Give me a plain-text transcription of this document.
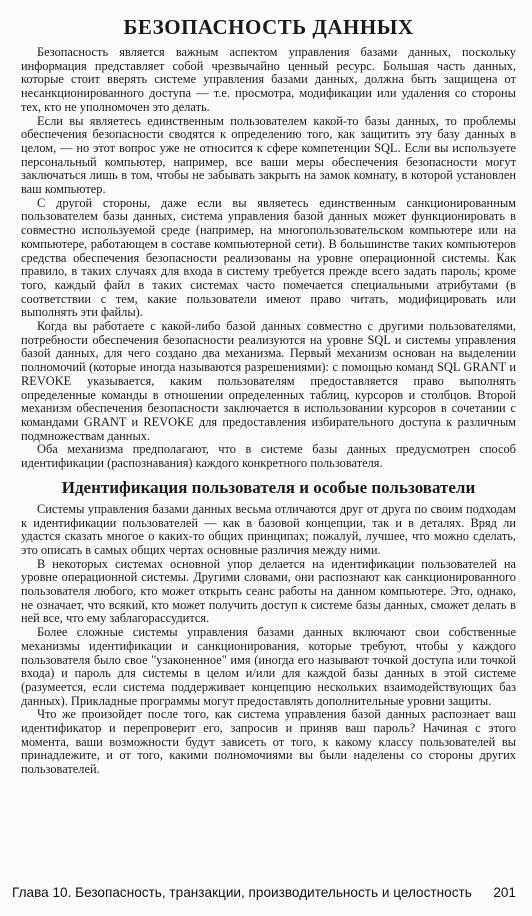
БЕЗОПАСНОСТЬ ДАННЫХ

Безопасность является важным аспектом управления базами данных, поскольку информация представляет собой чрезвычайно ценный ресурс. Большая часть данных, которые стоит вверять системе управления базами данных, должна быть защищена от несанкционированного доступа — т.е. просмотра, модификации или удаления со стороны тех, кто не уполномочен это делать.

Если вы являетесь единственным пользователем какой-то базы данных, то проблемы обеспечения безопасности сводятся к определению того, как защитить эту базу данных в целом, — но этот вопрос уже не относится к сфере компетенции SQL. Если вы используете персональный компьютер, например, все ваши меры обеспечения безопасности могут заключаться лишь в том, чтобы не забывать закрыть на замок комнату, в которой установлен ваш компьютер.

С другой стороны, даже если вы являетесь единственным санкционированным пользователем базы данных, система управления базой данных может функционировать в совместно используемой среде (например, на многопользовательском компьютере или на компьютере, работающем в составе компьютерной сети). В большинстве таких компьютеров средства обеспечения безопасности реализованы на уровне операционной системы. Как правило, в таких случаях для входа в систему требуется прежде всего задать пароль; кроме того, каждый файл в таких системах часто помечается специальными атрибутами (в соответствии с тем, какие пользователи имеют право читать, модифицировать или выполнять эти файлы).

Когда вы работаете с какой-либо базой данных совместно с другими пользователями, потребности обеспечения безопасности реализуются на уровне SQL и системы управления базой данных, для чего создано два механизма. Первый механизм основан на выделении полномочий (которые иногда называются разрешениями): с помощью команд SQL GRANT и REVOKE указывается, каким пользователям предоставляется право выполнять определенные команды в отношении определенных таблиц, курсоров и столбцов. Второй механизм обеспечения безопасности заключается в использовании курсоров в сочетании с командами GRANT и REVOKE для предоставления избирательного доступа к различным подмножествам данных.

Оба механизма предполагают, что в системе базы данных предусмотрен способ идентификации (распознавания) каждого конкретного пользователя.

Идентификация пользователя и особые пользователи

Системы управления базами данных весьма отличаются друг от друга по своим подходам к идентификации пользователей — как в базовой концепции, так и в деталях. Вряд ли удастся сказать многое о каких-то общих принципах; пожалуй, лучшее, что можно сделать, это описать в самых общих чертах основные различия между ними.

В некоторых системах основной упор делается на идентификации пользователей на уровне операционной системы. Другими словами, они распознают как санкционированного пользователя любого, кто может открыть сеанс работы на данном компьютере. Это, однако, не означает, что всякий, кто может получить доступ к системе базы данных, сможет делать в ней все, что ему заблагорассудится.

Более сложные системы управления базами данных включают свои собственные механизмы идентификации и санкционирования, которые требуют, чтобы у каждого пользователя было свое "узаконенное" имя (иногда его называют точкой доступа или точкой входа) и пароль для системы в целом и/или для каждой базы данных в этой системе (разумеется, если система поддерживает концепцию нескольких взаимодействующих баз данных). Прикладные программы могут предоставлять дополнительные уровни защиты.

Что же произойдет после того, как система управления базой данных распознает ваш идентификатор и перепроверит его, запросив и приняв ваш пароль? Начиная с этого момента, ваши возможности будут зависеть от того, к какому классу пользователей вы принадлежите, и от того, какими полномочиями вы были наделены со стороны других пользователей.

Глава 10. Безопасность, транзакции, производительность и целостность 201
